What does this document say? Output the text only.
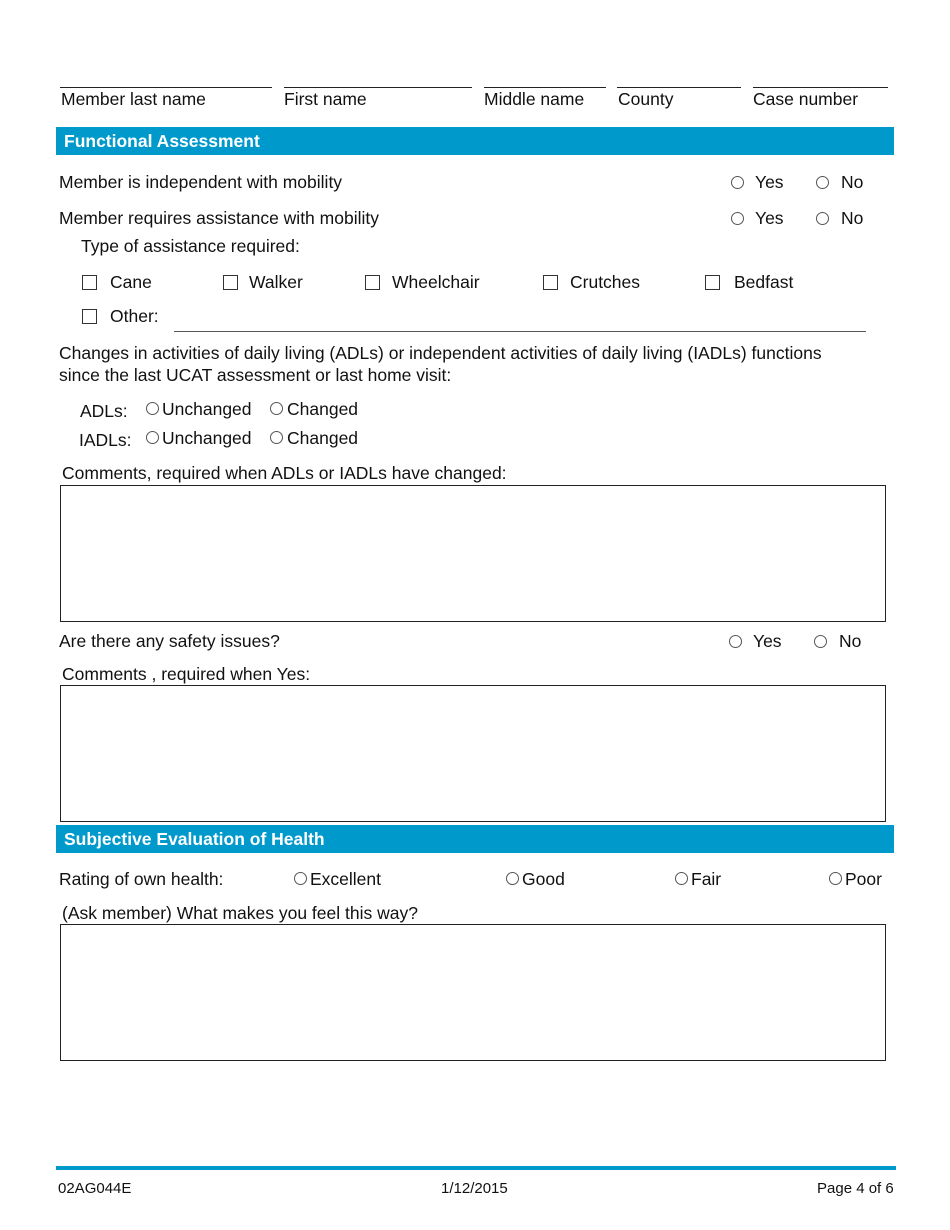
Member last name	First name	Middle name County	Case number
Functional Assessment
Member is independent with mobility	Yes	No
Member requires assistance with mobility	Yes	No
Type of assistance required:
Cane	Walker	Wheelchair	Crutches	Bedfast
Other:
Changes in activities of daily living (ADLs) or independent activities of daily living (IADLs) functions
since the last UCAT assessment or last home visit:
ADLs: Unchanged Changed
IADLs: Unchanged Changed
Comments, required when ADLs or IADLs have changed:
Are there any safety issues?	Yes	No
Comments , required when Yes:
Subjective Evaluation of Health
Rating of own health:	Excellent	Good	Fair	Poor
(Ask member) What makes you feel this way?
02AG044E	1/12/2015	Page 4 of 6
